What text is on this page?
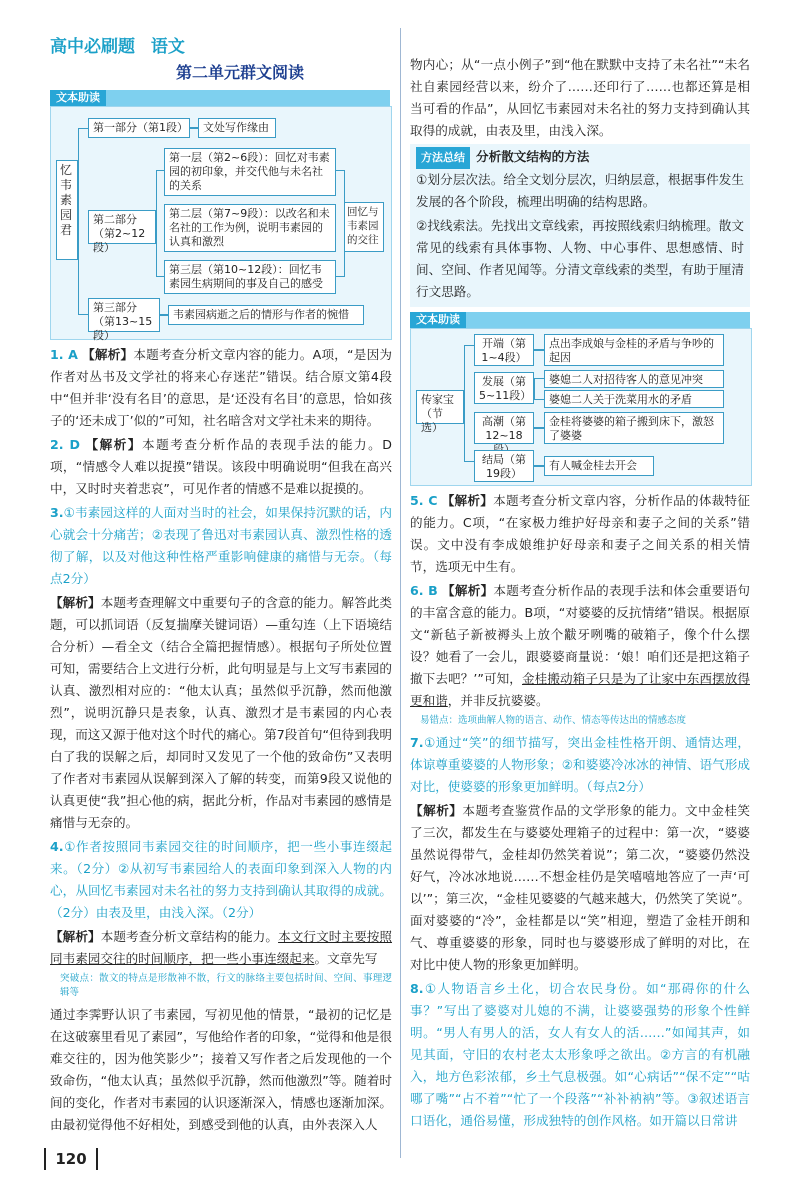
高中必刷题 语文
第二单元群文阅读
文本助读
忆韦素园君
第一部分（第1段）	文处写作缘由
第二部分（第2~12段）
第一层（第2~6段）：回忆对韦素园的初印象，并交代他与未名社的关系
第二层（第7~9段）：以改名和未名社的工作为例，说明韦素园的认真和激烈
第三层（第10~12段）：回忆韦素园生病期间的事及自己的感受
回忆与韦素园的交往
第三部分（第13~15段）
韦素园病逝之后的情形与作者的惋惜

1. A 【解析】本题考查分析文章内容的能力。A项，“是因为作者对丛书及文学社的将来心存迷茫”错误。结合原文第4段中“但并非‘没有名目’的意思，是‘还没有名目’的意思，恰如孩子的‘还未成丁’似的”可知，社名暗含对文学社未来的期待。

2. D 【解析】本题考查分析作品的表现手法的能力。D项，“情感令人难以捉摸”错误。该段中明确说明“但我在高兴中，又时时夹着悲哀”，可见作者的情感不是难以捉摸的。

3.①韦素园这样的人面对当时的社会，如果保持沉默的话，内心就会十分痛苦；②表现了鲁迅对韦素园认真、激烈性格的透彻了解，以及对他这种性格严重影响健康的痛惜与无奈。（每点2分）

【解析】本题考查理解文中重要句子的含意的能力。解答此类题，可以抓词语（反复揣摩关键词语）—重勾连（上下语境结合分析）—看全文（结合全篇把握情感）。根据句子所处位置可知，需要结合上文进行分析，此句明显是与上文写韦素园的认真、激烈相对应的：“他太认真；虽然似乎沉静，然而他激烈”，说明沉静只是表象，认真、激烈才是韦素园的内心表现，而这又源于他对这个时代的痛心。第7段首句“但待到我明白了我的误解之后，却同时又发见了一个他的致命伤”又表明了作者对韦素园从误解到深入了解的转变，而第9段又说他的认真更使“我”担心他的病，据此分析，作品对韦素园的感情是痛惜与无奈的。

4.①作者按照同韦素园交往的时间顺序，把一些小事连缀起来。（2分）②从初写韦素园给人的表面印象到深入人物的内心，从回忆韦素园对未名社的努力支持到确认其取得的成就。（2分）由表及里，由浅入深。（2分）

【解析】本题考查分析文章结构的能力。本文行文时主要按照同韦素园交往的时间顺序，把一些小事连缀起来。文章先写

突破点：散文的特点是形散神不散，行文的脉络主要包括时间、空间、事理逻辑等

通过李霁野认识了韦素园，写初见他的情景，“最初的记忆是在这破寨里看见了素园”，写他给作者的印象，“觉得和他是很难交往的，因为他笑影少”；接着又写作者之后发现他的一个致命伤，“他太认真；虽然似乎沉静，然而他激烈”等。随着时间的变化，作者对韦素园的认识逐渐深入，情感也逐渐加深。由最初觉得他不好相处，到感受到他的认真，由外表深入人

物内心；从“一点小例子”到“他在默默中支持了未名社”“未名社自素园经营以来，纷介了……还印行了……也都还算是相当可看的作品”，从回忆韦素园对未名社的努力支持到确认其取得的成就，由表及里，由浅入深。

方法总结 分析散文结构的方法

①划分层次法。给全文划分层次，归纳层意，根据事件发生发展的各个阶段，梳理出明确的结构思路。

②找线索法。先找出文章线索，再按照线索归纳梳理。散文常见的线索有具体事物、人物、中心事件、思想感情、时间、空间、作者见闻等。分清文章线索的类型，有助于厘清行文思路。

文本助读
传家宝（节选）
开端（第1~4段）
点出李成娘与金桂的矛盾与争吵的起因
发展（第5~11段）
婆媳二人对招待客人的意见冲突
婆媳二人关于洗菜用水的矛盾
高潮（第12~18
金桂将婆婆的箱子搬到床下，激怒了婆婆
结局（第19段）
有人喊金桂去开会

5. C 【解析】本题考查分析文章内容，分析作品的体裁特征的能力。C项，“在家极力维护好母亲和妻子之间的关系”错误。文中没有李成娘维护好母亲和妻子之间关系的相关情节，选项无中生有。

6. B 【解析】本题考查分析作品的表现手法和体会重要语句的丰富含意的能力。B项，“对婆婆的反抗情绪”错误。根据原文“新毡子新被褥头上放个黻牙咧嘴的破箱子，像个什么摆设？她看了一会儿，跟婆婆商量说：‘娘！咱们还是把这箱子撤下去吧？’”可知，金桂搬动箱子只是为了让家中东西摆放得更和谐，并非反抗婆婆。

易错点：选项曲解人物的语言、动作、情态等传达出的情感态度

7.①通过“笑”的细节描写，突出金桂性格开朗、通情达理，体谅尊重婆婆的人物形象；②和婆婆冷冰冰的神情、语气形成对比，使婆婆的形象更加鲜明。（每点2分）

【解析】本题考查鉴赏作品的文学形象的能力。文中金桂笑了三次，都发生在与婆婆处理箱子的过程中：第一次，“婆婆虽然说得带气，金桂却仍然笑着说”；第二次，“婆婆仍然没好气，冷冰冰地说……不想金桂仍是笑嘻嘻地答应了一声‘可以’”；第三次，“金桂见婆婆的气越来越大，仍然笑了笑说”。面对婆婆的“冷”，金桂都是以“笑”相迎，塑造了金桂开朗和气、尊重婆婆的形象，同时也与婆婆形成了鲜明的对比，在对比中使人物的形象更加鲜明。

8.①人物语言乡土化，切合农民身份。如“那碍你的什么事？”写出了婆婆对儿媳的不满，让婆婆强势的形象个性鲜明。“男人有男人的活，女人有女人的活……”如闻其声，如见其面，守旧的农村老太太形象呼之欲出。②方言的有机融入，地方色彩浓郁，乡土气息极强。如“心病话”“保不定”“咕哪了嘴”“占不着”“忙了一个段落”“补补衲衲”等。③叙述语言口语化，通俗易懂，形成独特的创作风格。如开篇以日常讲

120
